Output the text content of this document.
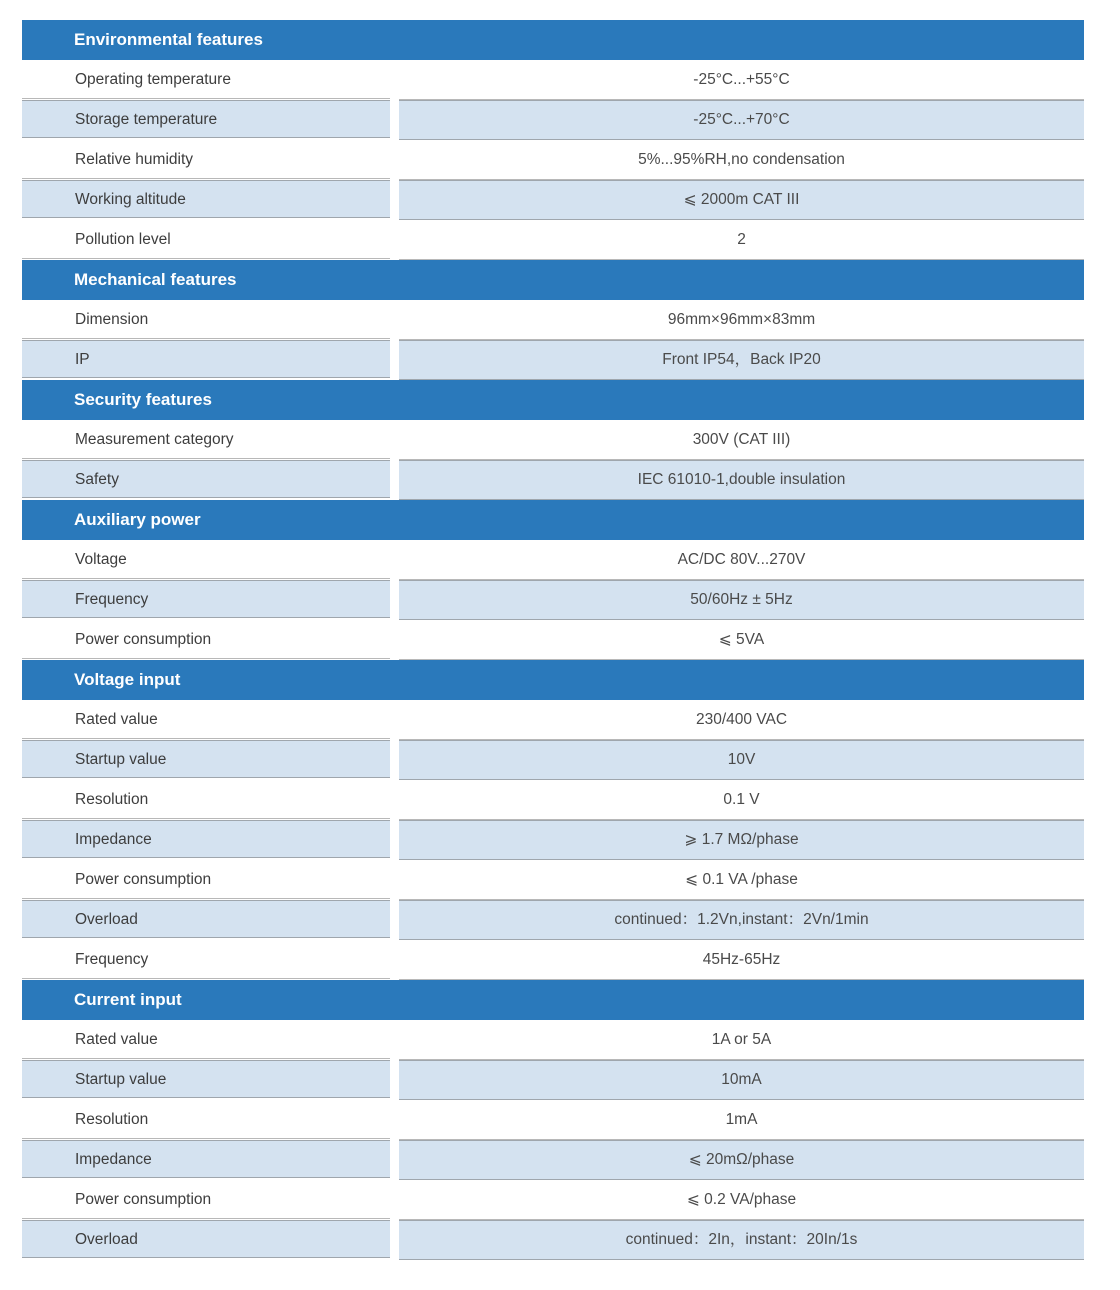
Environmental features
Operating temperature	-25°C...+55°C
Storage temperature	-25°C...+70°C
Relative humidity	5%...95%RH,no condensation
Working altitude	⩽ 2000m CAT III
Pollution level	2
Mechanical features
Dimension	96mm×96mm×83mm
IP	Front IP54，Back IP20
Security features
Measurement category	300V (CAT III)
Safety	IEC 61010-1,double insulation
Auxiliary power
Voltage	AC/DC 80V...270V
Frequency	50/60Hz ± 5Hz
Power consumption	⩽ 5VA
Voltage input
Rated value	230/400 VAC
Startup value	10V
Resolution	0.1 V
Impedance	⩾ 1.7 MΩ/phase
Power consumption	⩽ 0.1 VA /phase
Overload	continued：1.2Vn,instant：2Vn/1min
Frequency	45Hz-65Hz
Current input
Rated value	1A or 5A
Startup value	10mA
Resolution	1mA
Impedance	⩽ 20mΩ/phase
Power consumption	⩽ 0.2 VA/phase
Overload	continued：2In，instant：20In/1s
